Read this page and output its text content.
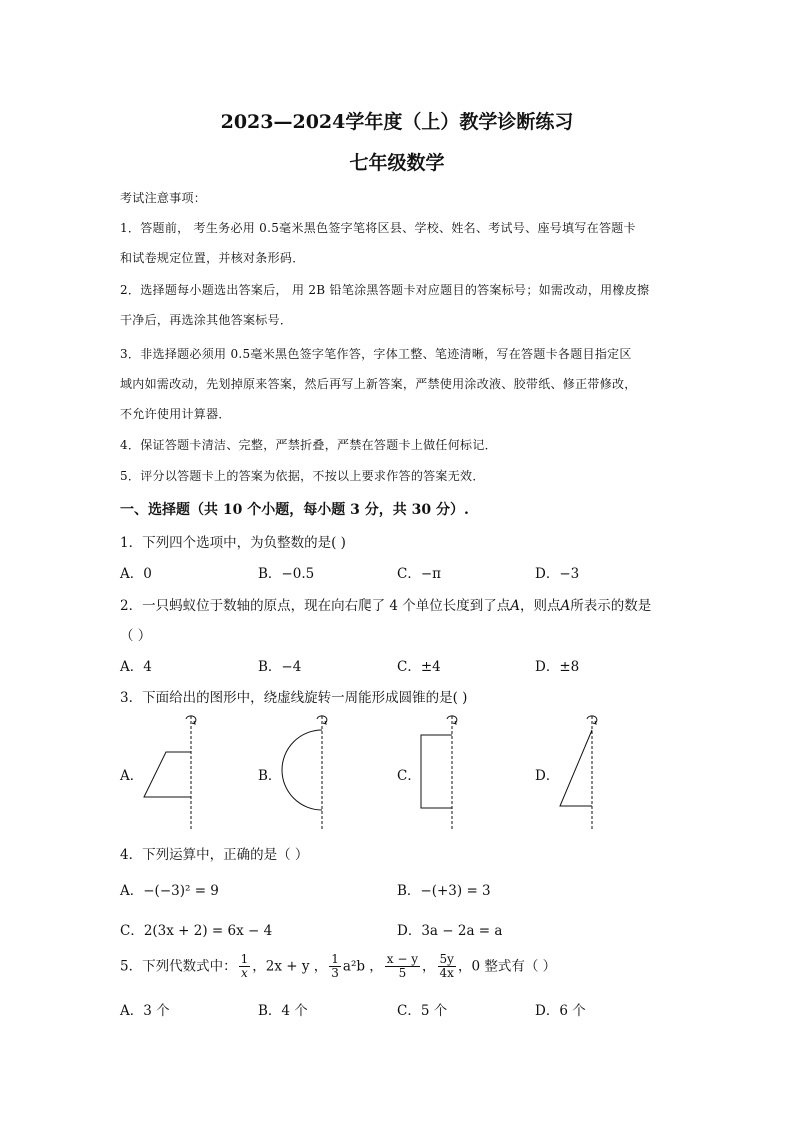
2023—2024学年度（上）教学诊断练习
七年级数学
考试注意事项：
1．答题前， 考生务必用 0.5毫米黑色签字笔将区县、学校、姓名、考试号、座号填写在答题卡
和试卷规定位置，并核对条形码．
2．选择题每小题选出答案后， 用 2B 铅笔涂黑答题卡对应题目的答案标号；如需改动，用橡皮擦
干净后，再选涂其他答案标号．
3．非选择题必须用 0.5毫米黑色签字笔作答，字体工整、笔迹清晰，写在答题卡各题目指定区
域内如需改动，先划掉原来答案，然后再写上新答案，严禁使用涂改液、胶带纸、修正带修改，
不允许使用计算器．
4．保证答题卡清洁、完整，严禁折叠，严禁在答题卡上做任何标记．
5．评分以答题卡上的答案为依据，不按以上要求作答的答案无效．
一、选择题（共 10 个小题，每小题 3 分，共 30 分）.
1．下列四个选项中，为负整数的是( )
A．0	B．−0.5	C．−π	D．−3
2．一只蚂蚁位于数轴的原点，现在向右爬了 4 个单位长度到了点A，则点A所表示的数是
（ ）
A．4	B．−4	C．±4	D．±8
3．下面给出的图形中，绕虚线旋转一周能形成圆锥的是( )
A．	B．	C．	D．
4．下列运算中，正确的是（ ）
A．−(−3)² = 9	B．−(+3) = 3
C．2(3x + 2) = 6x − 4	D．3a − 2a = a
5．下列代数式中： $\frac{1}{x}$ ，2x + y ， $\frac{1}{3} a^2b$ ， $\frac{x - y}{5}$ ， $\frac{5y}{4x}$ ，0 整式有（ ）
A．3 个	B．4 个	C．5 个	D．6 个
